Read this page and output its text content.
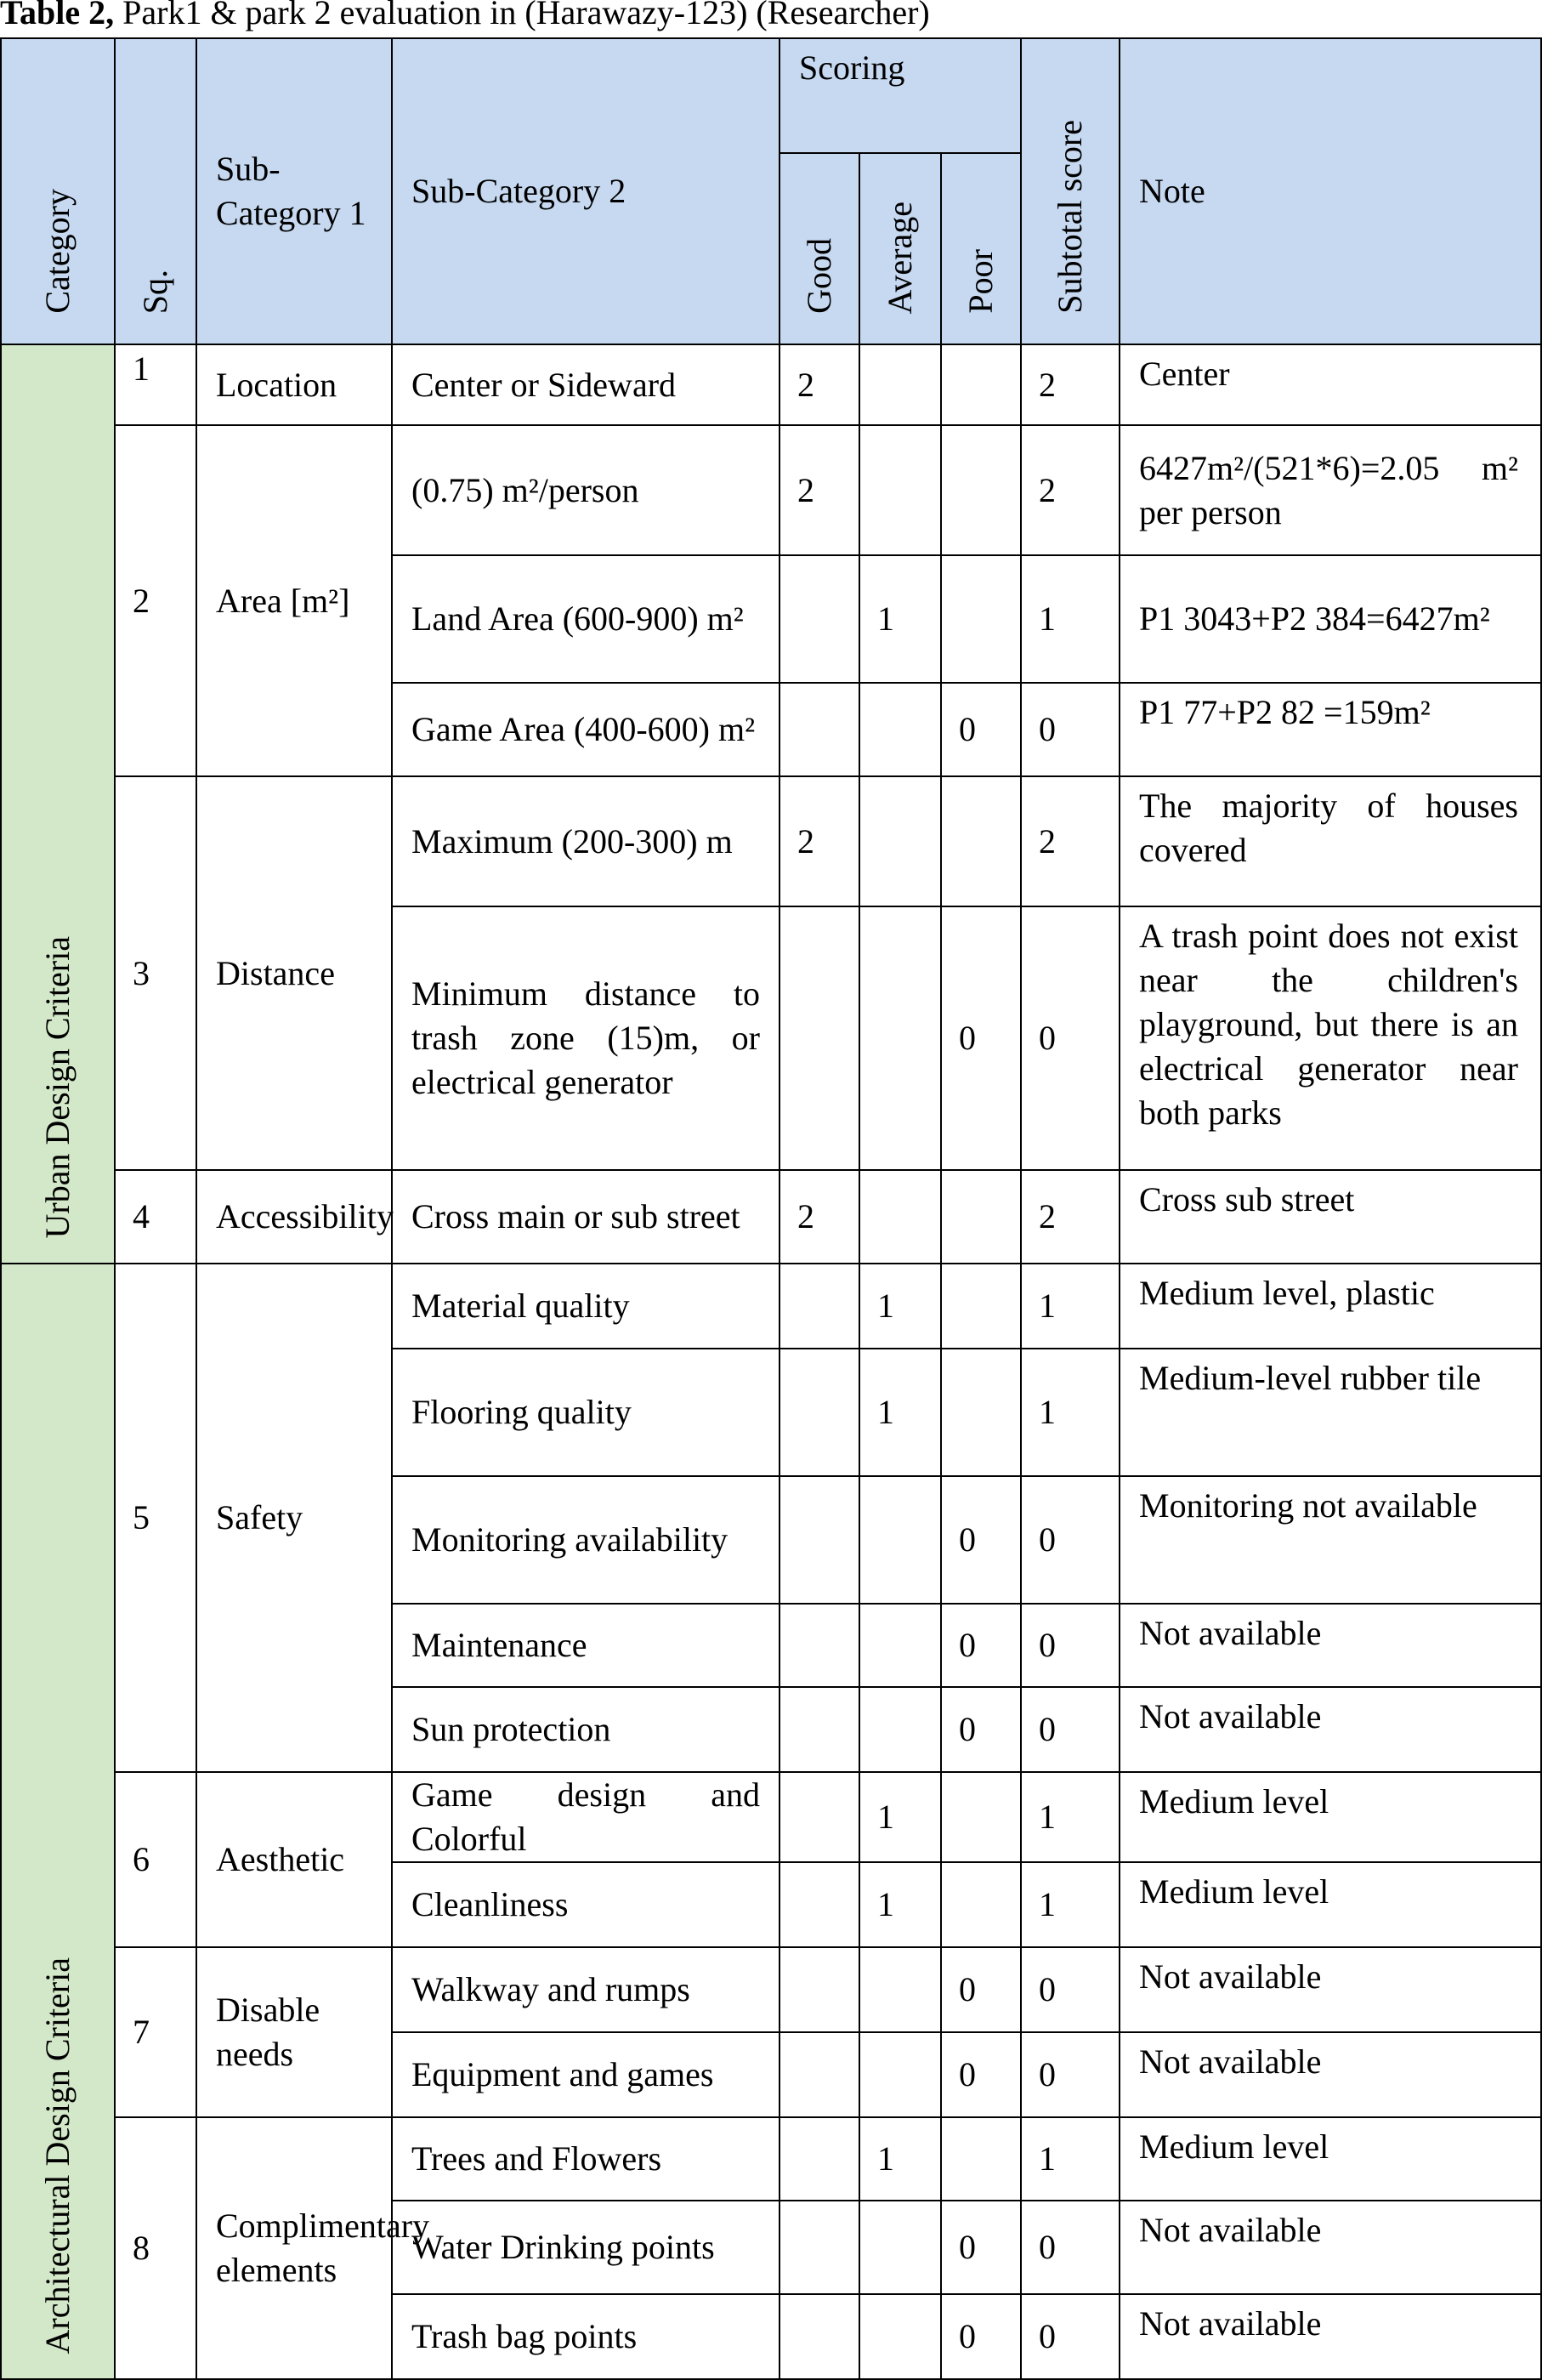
Table 2, Park1 & park 2 evaluation in (Harawazy-123) (Researcher)
Category	Sq.	Sub-Category 1	Sub-Category 2	Scoring			Subtotal score	Note
				Good	Average	Poor		
Urban Design Criteria	1	Location	Center or Sideward	2			2	Center
	2	Area [m²]	(0.75) m²/person	2			2	6427m²/(521*6)=2.05 m² per person
			Land Area (600-900) m²		1		1	P1 3043+P2 384=6427m²
			Game Area (400-600) m²			0	0	P1 77+P2 82 =159m²
	3	Distance	Maximum (200-300) m	2			2	The majority of houses covered
			Minimum distance to trash zone (15)m, or electrical generator			0	0	A trash point does not exist near the children's playground, but there is an electrical generator near both parks
	4	Accessibility	Cross main or sub street	2			2	Cross sub street
Architectural Design Criteria	5	Safety	Material quality		1		1	Medium level, plastic
			Flooring quality		1		1	Medium-level rubber tile
			Monitoring availability			0	0	Monitoring not available
			Maintenance			0	0	Not available
			Sun protection			0	0	Not available
	6	Aesthetic	Game design and Colorful		1		1	Medium level
			Cleanliness		1		1	Medium level
	7	Disable needs	Walkway and rumps			0	0	Not available
			Equipment and games			0	0	Not available
	8	Complimentary elements	Trees and Flowers		1		1	Medium level
			Water Drinking points			0	0	Not available
			Trash bag points			0	0	Not available
